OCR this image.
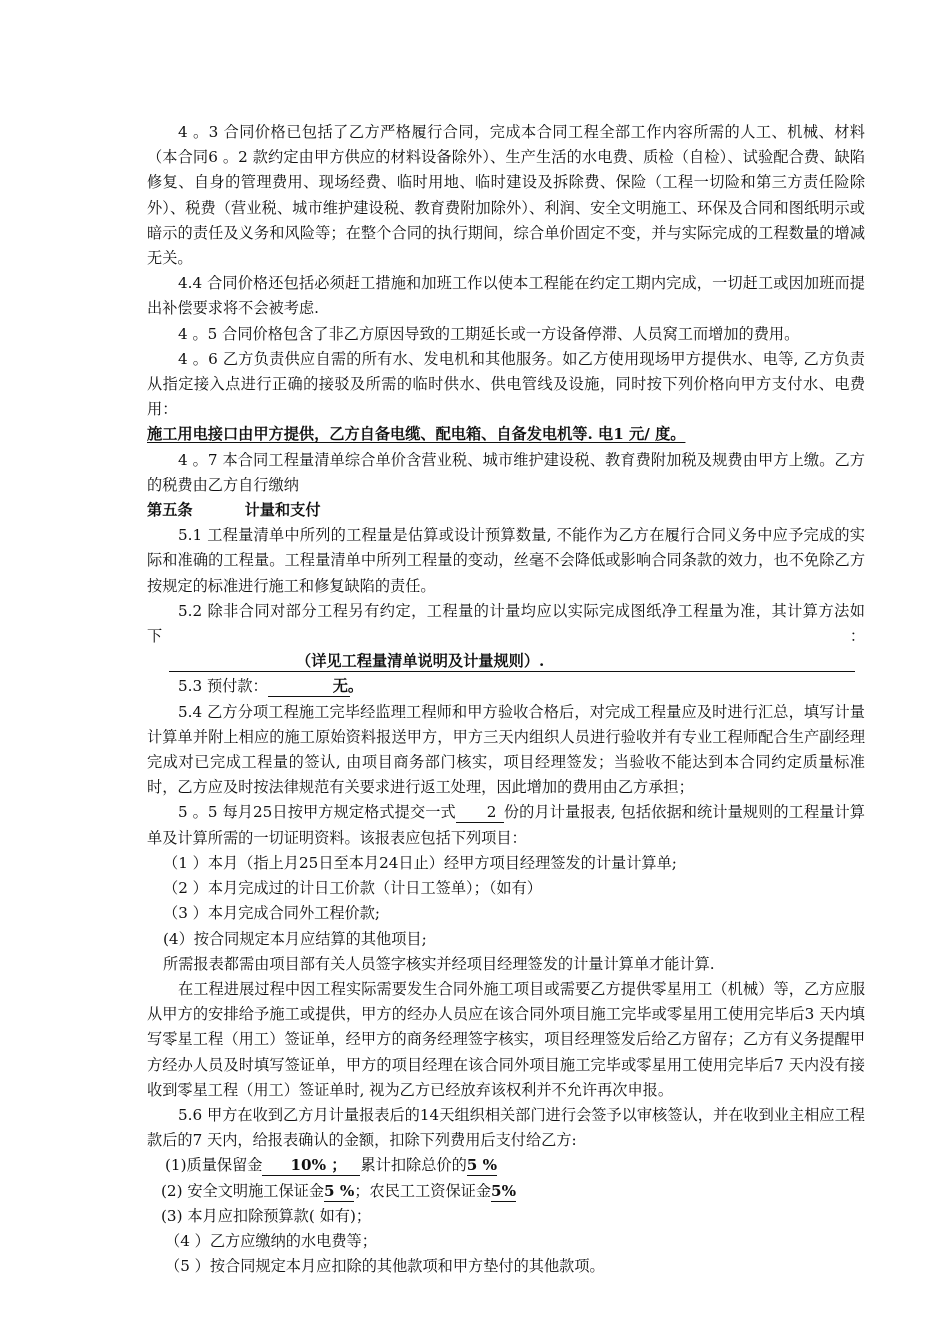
4 。3 合同价格已包括了乙方严格履行合同，完成本合同工程全部工作内容所需的人工、机械、材料（本合同6 。2 款约定由甲方供应的材料设备除外）、生产生活的水电费、质检（自检）、试验配合费、缺陷修复、自身的管理费用、现场经费、临时用地、临时建设及拆除费、保险（工程一切险和第三方责任险除外）、税费（营业税、城市维护建设税、教育费附加除外）、利润、安全文明施工、环保及合同和图纸明示或暗示的责任及义务和风险等；在整个合同的执行期间，综合单价固定不变，并与实际完成的工程数量的增减无关。

4.4 合同价格还包括必须赶工措施和加班工作以使本工程能在约定工期内完成，一切赶工或因加班而提出补偿要求将不会被考虑.

4 。5 合同价格包含了非乙方原因导致的工期延长或一方设备停滞、人员窝工而增加的费用。

4 。6 乙方负责供应自需的所有水、发电机和其他服务。如乙方使用现场甲方提供水、电等, 乙方负责从指定接入点进行正确的接驳及所需的临时供水、供电管线及设施，同时按下列价格向甲方支付水、电费用：

施工用电接口由甲方提供，乙方自备电缆、配电箱、自备发电机等. 电1 元/ 度。

4 。7 本合同工程量清单综合单价含营业税、城市维护建设税、教育费附加税及规费由甲方上缴。乙方的税费由乙方自行缴纳

第五条	计量和支付

5.1 工程量清单中所列的工程量是估算或设计预算数量, 不能作为乙方在履行合同义务中应予完成的实际和准确的工程量。工程量清单中所列工程量的变动，丝毫不会降低或影响合同条款的效力，也不免除乙方按规定的标准进行施工和修复缺陷的责任。

5.2 除非合同对部分工程另有约定，工程量的计量均应以实际完成图纸净工程量为准，其计算方法如下：（详见工程量清单说明及计量规则）.

5.3 预付款：	无。

5.4 乙方分项工程施工完毕经监理工程师和甲方验收合格后，对完成工程量应及时进行汇总，填写计量计算单并附上相应的施工原始资料报送甲方，甲方三天内组织人员进行验收并有专业工程师配合生产副经理完成对已完成工程量的签认, 由项目商务部门核实，项目经理签发；当验收不能达到本合同约定质量标准时，乙方应及时按法律规范有关要求进行返工处理，因此增加的费用由乙方承担；

5 。5 每月25日按甲方规定格式提交一式 2 份的月计量报表, 包括依据和统计量规则的工程量计算单及计算所需的一切证明资料。该报表应包括下列项目：

（1 ）本月（指上月25日至本月24日止）经甲方项目经理签发的计量计算单;

（2 ）本月完成过的计日工价款（计日工签单）；（如有）

（3 ）本月完成合同外工程价款;

(4）按合同规定本月应结算的其他项目;

所需报表都需由项目部有关人员签字核实并经项目经理签发的计量计算单才能计算.

在工程进展过程中因工程实际需要发生合同外施工项目或需要乙方提供零星用工（机械）等，乙方应服从甲方的安排给予施工或提供，甲方的经办人员应在该合同外项目施工完毕或零星用工使用完毕后3 天内填写零星工程（用工）签证单，经甲方的商务经理签字核实，项目经理签发后给乙方留存；乙方有义务提醒甲方经办人员及时填写签证单，甲方的项目经理在该合同外项目施工完毕或零星用工使用完毕后7 天内没有接收到零星工程（用工）签证单时, 视为乙方已经放弃该权利并不允许再次申报。

5.6 甲方在收到乙方月计量报表后的14天组织相关部门进行会签予以审核签认，并在收到业主相应工程款后的7 天内，给报表确认的金额，扣除下列费用后支付给乙方:

(1)质量保留金 10% ； 累计扣除总价的5 %

(2) 安全文明施工保证金5 %；农民工工资保证金5%

(3) 本月应扣除预算款( 如有)；

（4 ）乙方应缴纳的水电费等；

（5 ）按合同规定本月应扣除的其他款项和甲方垫付的其他款项。
